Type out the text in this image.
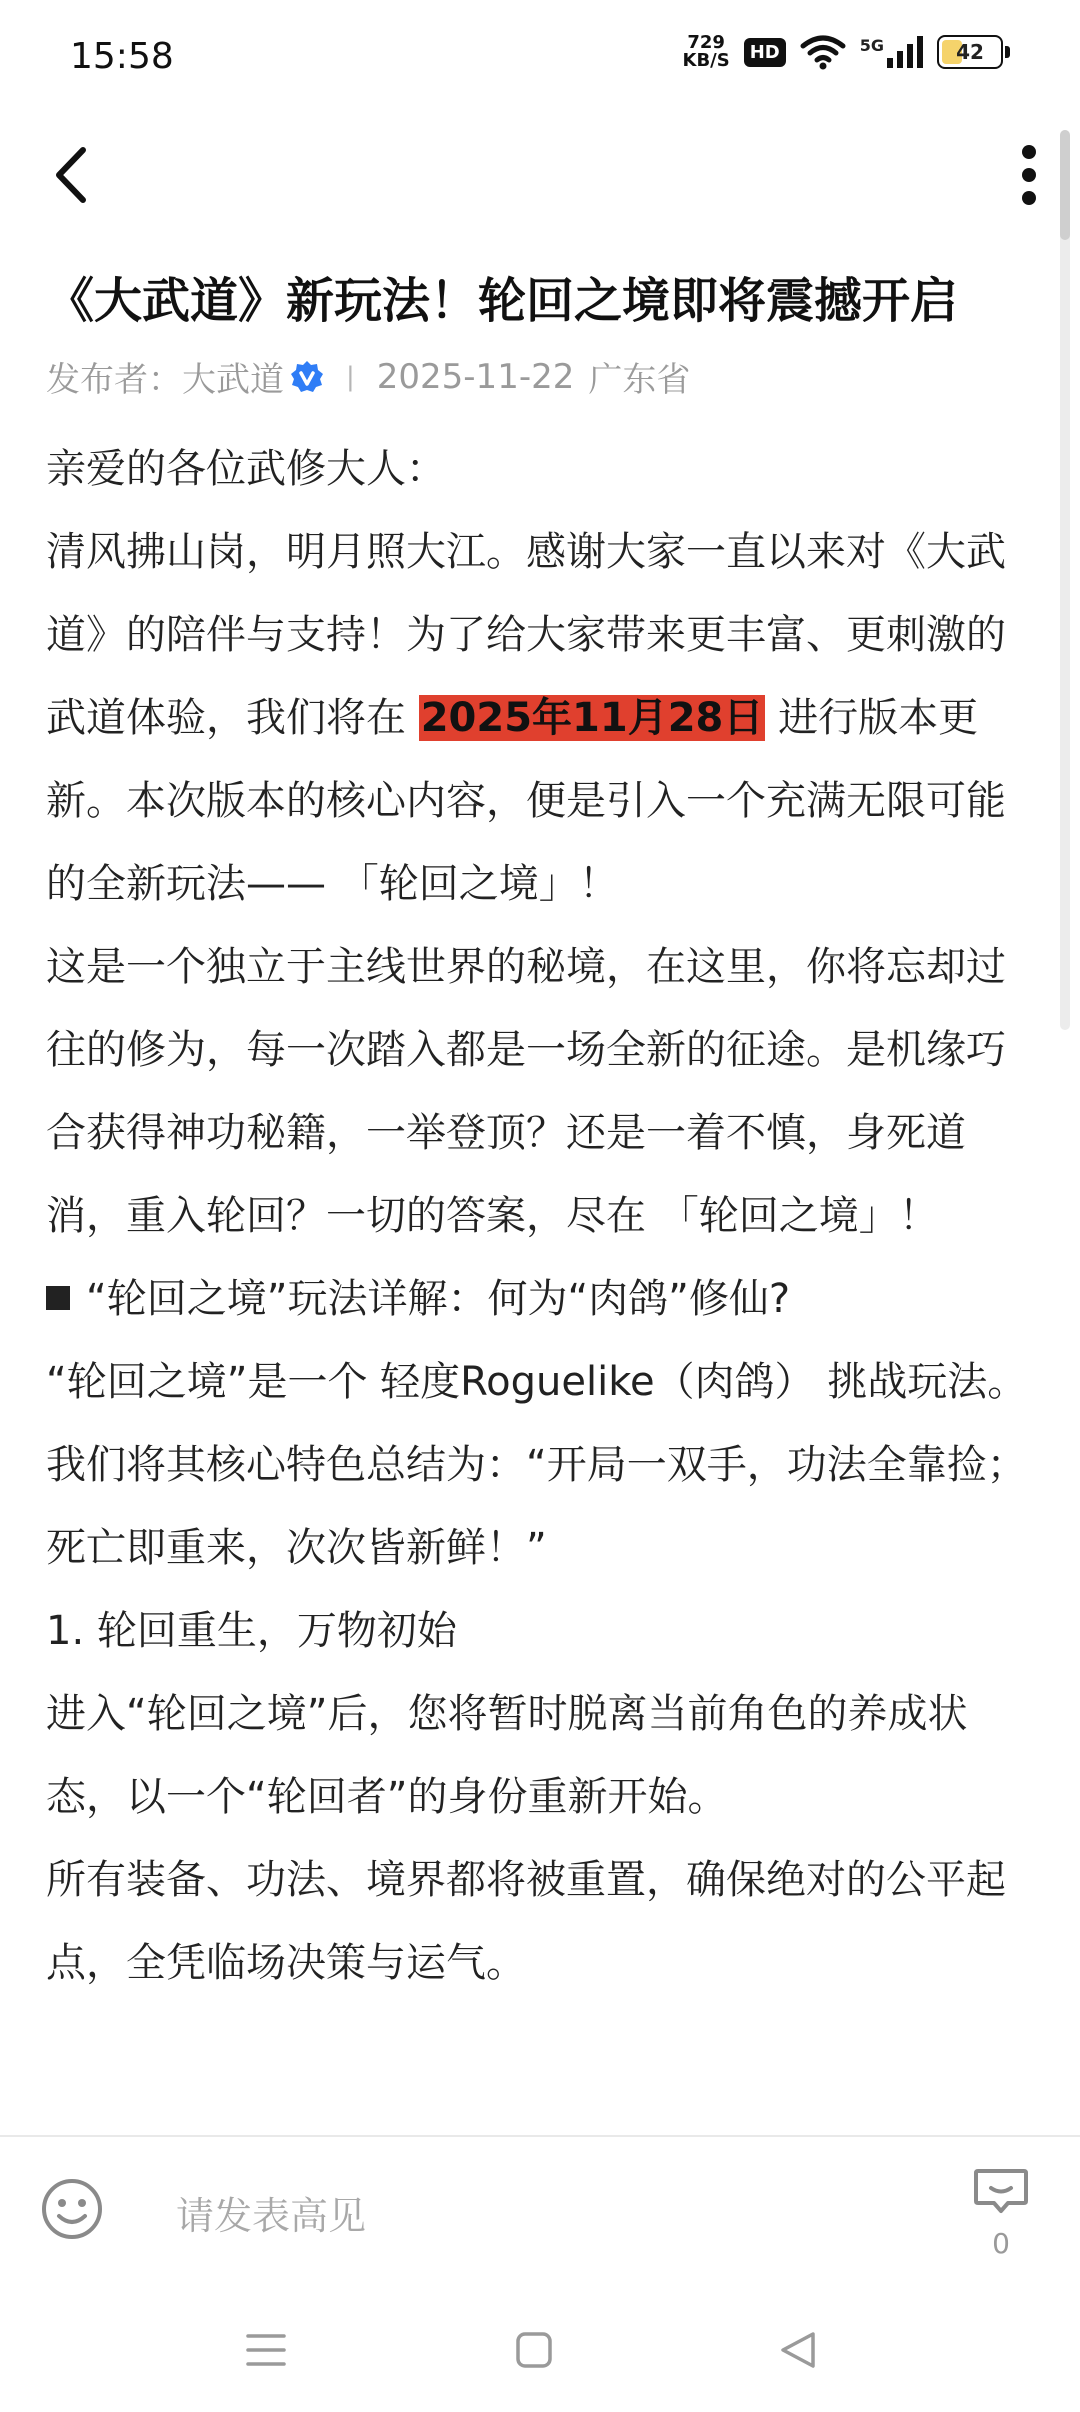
15:58	729
KB/S	HD	5G	42
《大武道》新玩法！轮回之境即将震撼开启
发布者： 大武道 | 2025-11-22 广东省

亲爱的各位武修大人：

清风拂山岗，明月照大江。感谢大家一直以来对《大武道》的陪伴与支持！为了给大家带来更丰富、更刺激的武道体验，我们将在 2025年11月28日 进行版本更新。本次版本的核心内容，便是引入一个充满无限可能的全新玩法—— 「轮回之境」！

这是一个独立于主线世界的秘境，在这里，你将忘却过往的修为，每一次踏入都是一场全新的征途。是机缘巧合获得神功秘籍，一举登顶？还是一着不慎，身死道消，重入轮回？一切的答案，尽在 「轮回之境」！

“轮回之境”玩法详解：何为“肉鸽”修仙?

“轮回之境”是一个 轻度Roguelike（肉鸽） 挑战玩法。我们将其核心特色总结为：“开局一双手，功法全靠捡；死亡即重来，次次皆新鲜！”

1. 轮回重生，万物初始

进入“轮回之境”后，您将暂时脱离当前角色的养成状态，以一个“轮回者”的身份重新开始。

所有装备、功法、境界都将被重置，确保绝对的公平起点，全凭临场决策与运气。

请发表高见
0
